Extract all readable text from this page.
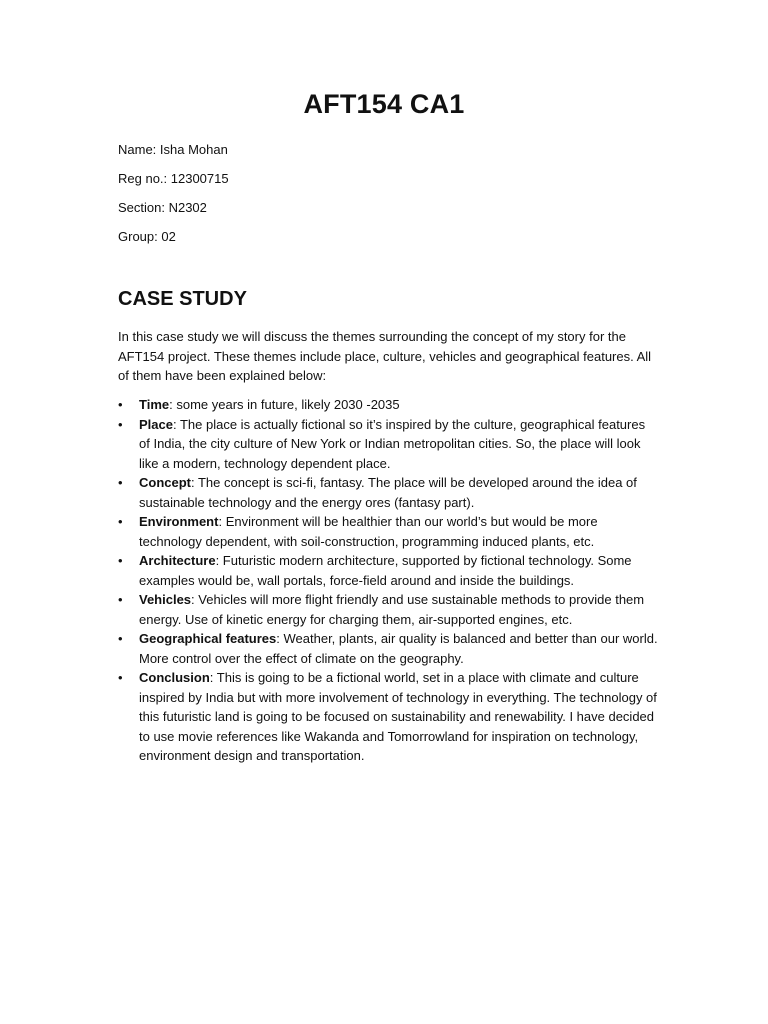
AFT154 CA1
Name: Isha Mohan
Reg no.: 12300715
Section: N2302
Group: 02
CASE STUDY

In this case study we will discuss the themes surrounding the concept of my story for the AFT154 project. These themes include place, culture, vehicles and geographical features. All of them have been explained below:

•	Time: some years in future, likely 2030 -2035
•	Place: The place is actually fictional so it’s inspired by the culture, geographical features of India, the city culture of New York or Indian metropolitan cities. So, the place will look like a modern, technology dependent place.
•	Concept: The concept is sci-fi, fantasy. The place will be developed around the idea of sustainable technology and the energy ores (fantasy part).
•	Environment: Environment will be healthier than our world’s but would be more technology dependent, with soil-construction, programming induced plants, etc.
•	Architecture: Futuristic modern architecture, supported by fictional technology. Some examples would be, wall portals, force-field around and inside the buildings.
•	Vehicles: Vehicles will more flight friendly and use sustainable methods to provide them energy. Use of kinetic energy for charging them, air-supported engines, etc.
•	Geographical features: Weather, plants, air quality is balanced and better than our world. More control over the effect of climate on the geography.
•	Conclusion: This is going to be a fictional world, set in a place with climate and culture inspired by India but with more involvement of technology in everything. The technology of this futuristic land is going to be focused on sustainability and renewability. I have decided to use movie references like Wakanda and Tomorrowland for inspiration on technology, environment design and transportation.
